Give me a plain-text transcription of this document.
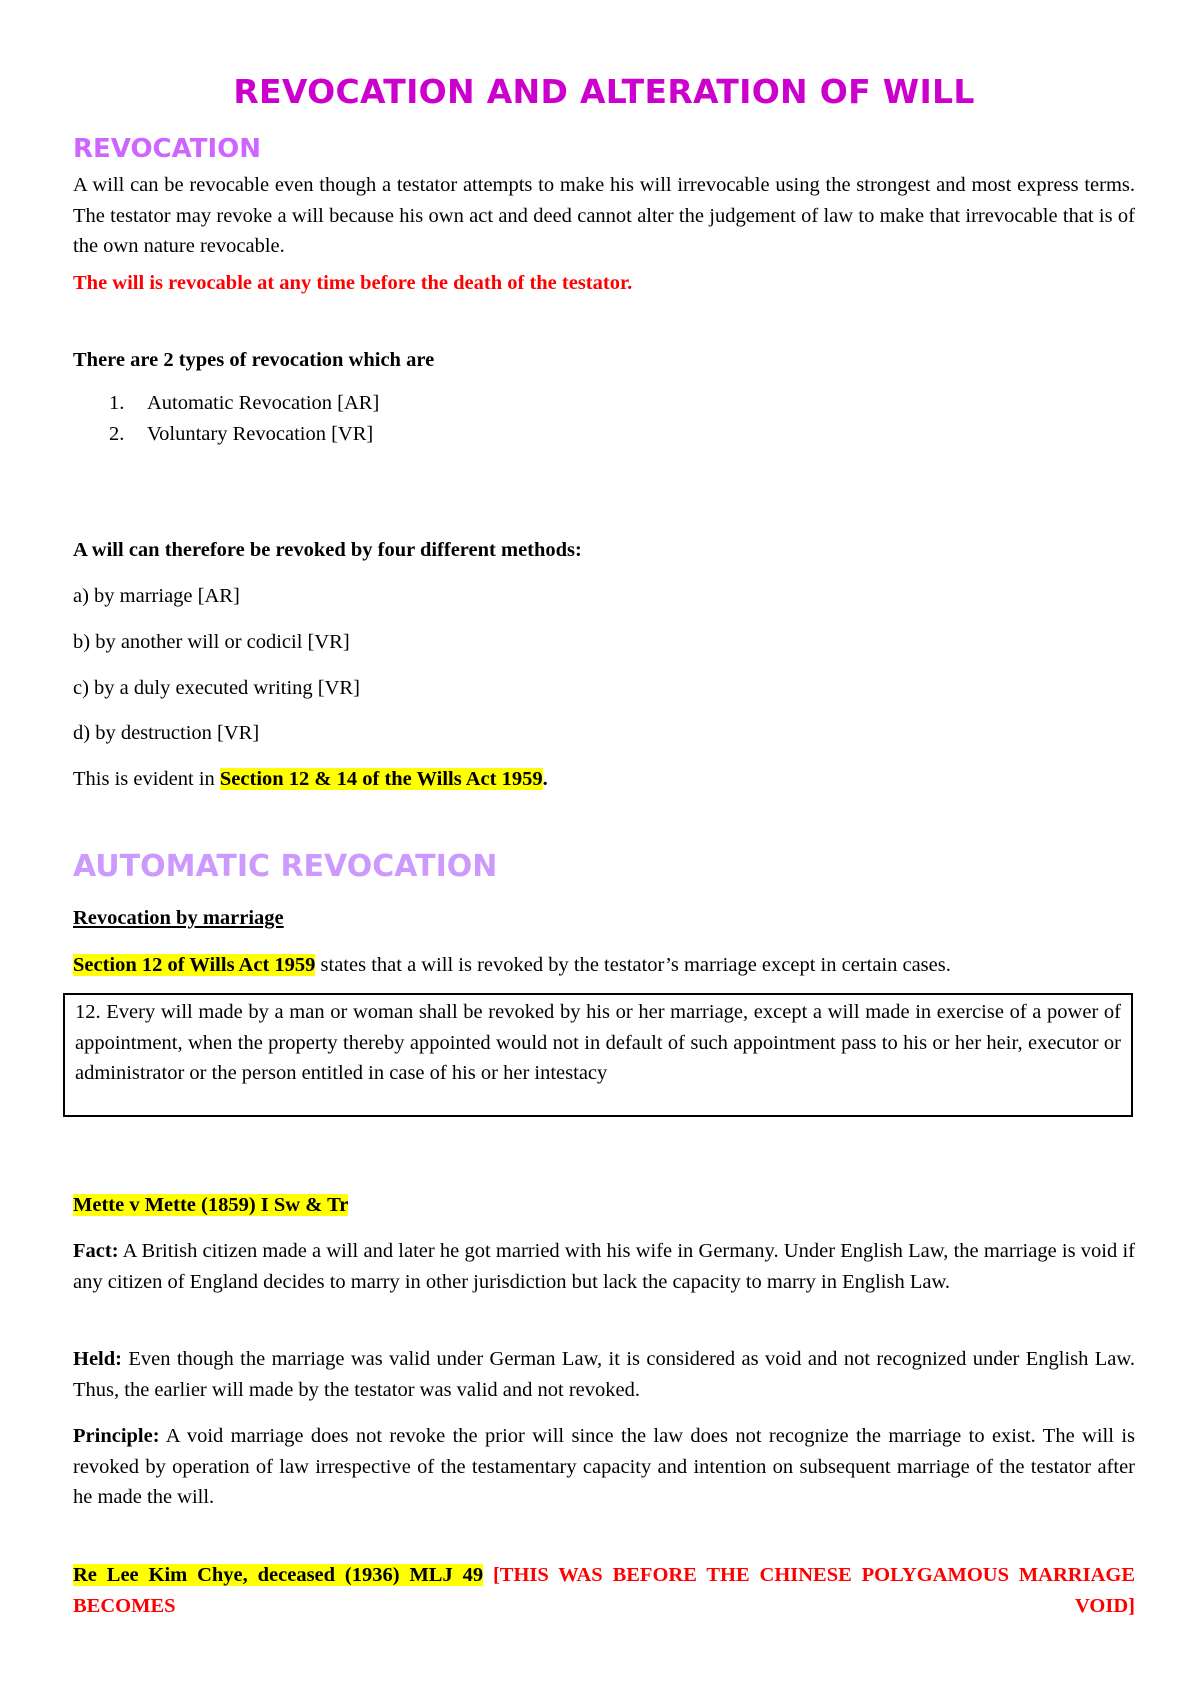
REVOCATION AND ALTERATION OF WILL
REVOCATION

A will can be revocable even though a testator attempts to make his will irrevocable using the strongest and most express terms. The testator may revoke a will because his own act and deed cannot alter the judgement of law to make that irrevocable that is of the own nature revocable.

The will is revocable at any time before the death of the testator.

There are 2 types of revocation which are

1. Automatic Revocation [AR]
2. Voluntary Revocation [VR]

A will can therefore be revoked by four different methods:

a) by marriage [AR]

b) by another will or codicil [VR]

c) by a duly executed writing [VR]

d) by destruction [VR]

This is evident in Section 12 & 14 of the Wills Act 1959.

AUTOMATIC REVOCATION

Revocation by marriage

Section 12 of Wills Act 1959 states that a will is revoked by the testator’s marriage except in certain cases.

12. Every will made by a man or woman shall be revoked by his or her marriage, except a will made in exercise of a power of appointment, when the property thereby appointed would not in default of such appointment pass to his or her heir, executor or administrator or the person entitled in case of his or her intestacy

Mette v Mette (1859) I Sw & Tr

Fact: A British citizen made a will and later he got married with his wife in Germany. Under English Law, the marriage is void if any citizen of England decides to marry in other jurisdiction but lack the capacity to marry in English Law.

Held: Even though the marriage was valid under German Law, it is considered as void and not recognized under English Law. Thus, the earlier will made by the testator was valid and not revoked.

Principle: A void marriage does not revoke the prior will since the law does not recognize the marriage to exist. The will is revoked by operation of law irrespective of the testamentary capacity and intention on subsequent marriage of the testator after he made the will.

Re Lee Kim Chye, deceased (1936) MLJ 49 [THIS WAS BEFORE THE CHINESE POLYGAMOUS MARRIAGE BECOMES VOID]
